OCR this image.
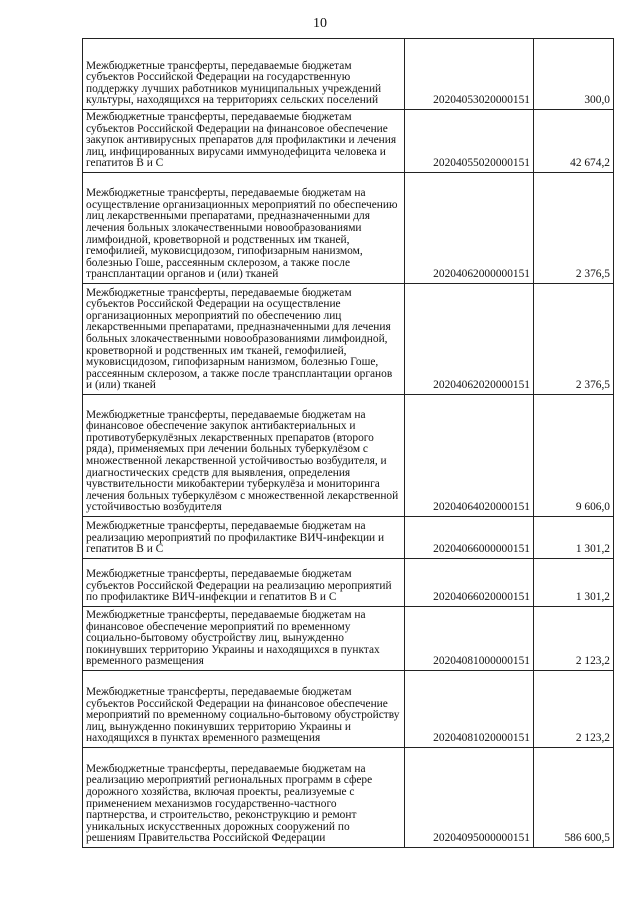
10
Межбюджетные трансферты, передаваемые бюджетам субъектов Российской Федерации на государственную поддержку лучших работников муниципальных учреждений культуры, находящихся на территориях сельских поселений	20204053020000151	300,0
Межбюджетные трансферты, передаваемые бюджетам субъектов Российской Федерации на финансовое обеспечение закупок антивирусных препаратов для профилактики и лечения лиц, инфицированных вирусами иммунодефицита человека и гепатитов В и С	20204055020000151	42 674,2
Межбюджетные трансферты, передаваемые бюджетам на осуществление организационных мероприятий по обеспечению лиц лекарственными препаратами, предназначенными для лечения больных злокачественными новообразованиями лимфоидной, кроветворной и родственных им тканей, гемофилией, муковисцидозом, гипофизарным нанизмом, болезнью Гоше, рассеянным склерозом, а также после трансплантации органов и (или) тканей	20204062000000151	2 376,5
Межбюджетные трансферты, передаваемые бюджетам субъектов Российской Федерации на осуществление организационных мероприятий по обеспечению лиц лекарственными препаратами, предназначенными для лечения больных злокачественными новообразованиями лимфоидной, кроветворной и родственных им тканей, гемофилией, муковисцидозом, гипофизарным нанизмом, болезнью Гоше, рассеянным склерозом, а также после трансплантации органов и (или) тканей	20204062020000151	2 376,5
Межбюджетные трансферты, передаваемые бюджетам на финансовое обеспечение закупок антибактериальных и противотуберкулёзных лекарственных препаратов (второго ряда), применяемых при лечении больных туберкулёзом с множественной лекарственной устойчивостью возбудителя, и диагностических средств для выявления, определения чувствительности микобактерии туберкулёза и мониторинга лечения больных туберкулёзом с множественной лекарственной устойчивостью возбудителя	20204064020000151	9 606,0
Межбюджетные трансферты, передаваемые бюджетам на реализацию мероприятий по профилактике ВИЧ-инфекции и гепатитов В и С	20204066000000151	1 301,2
Межбюджетные трансферты, передаваемые бюджетам субъектов Российской Федерации на реализацию мероприятий по профилактике ВИЧ-инфекции и гепатитов В и С	20204066020000151	1 301,2
Межбюджетные трансферты, передаваемые бюджетам на финансовое обеспечение мероприятий по временному социально-бытовому обустройству лиц, вынужденно покинувших территорию Украины и находящихся в пунктах временного размещения	20204081000000151	2 123,2
Межбюджетные трансферты, передаваемые бюджетам субъектов Российской Федерации на финансовое обеспечение мероприятий по временному социально-бытовому обустройству лиц, вынужденно покинувших территорию Украины и находящихся в пунктах временного размещения	20204081020000151	2 123,2
Межбюджетные трансферты, передаваемые бюджетам на реализацию мероприятий региональных программ в сфере дорожного хозяйства, включая проекты, реализуемые с применением механизмов государственно-частного партнерства, и строительство, реконструкцию и ремонт уникальных искусственных дорожных сооружений по решениям Правительства Российской Федерации	20204095000000151	586 600,5
